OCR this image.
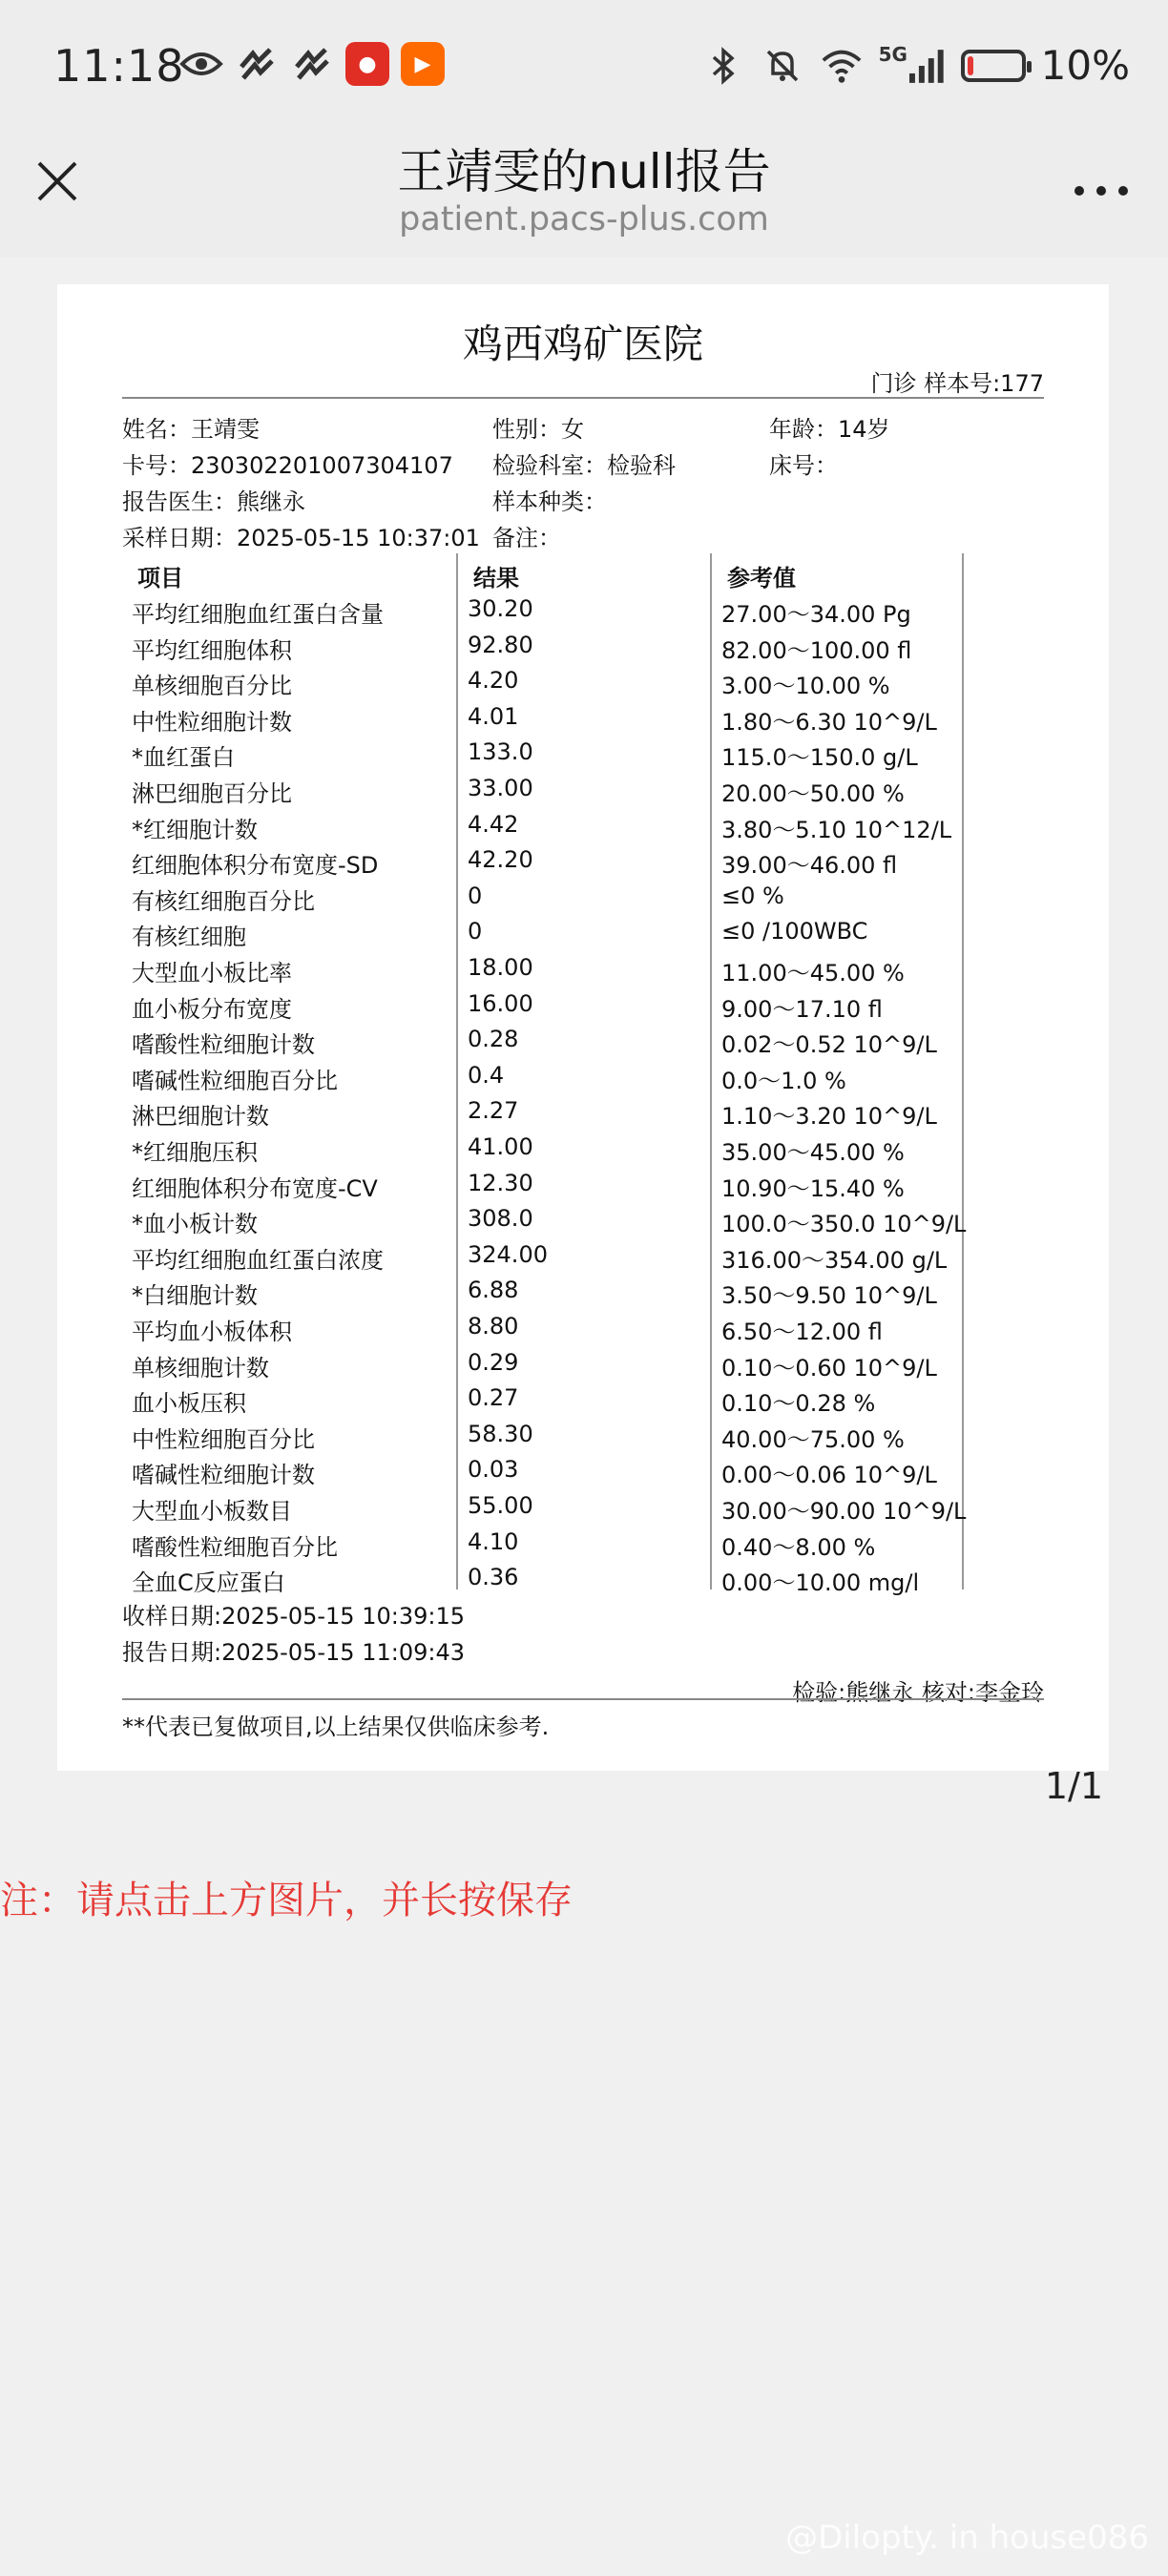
11:18	●	▶	5G	10%
王靖雯的null报告
patient.pacs-plus.com
鸡西鸡矿医院
门诊 样本号:177
姓名：王靖雯	性别：女	年龄：14岁
卡号：230302201007304107 检验科室：检验科	床号：
报告医生：熊继永	样本种类：
采样日期：2025-05-15 10:37:01 备注：
项目	结果	参考值
平均红细胞血红蛋白含量	30.20	27.00～34.00 Pg
平均红细胞体积	92.80	82.00～100.00 fl
单核细胞百分比	4.20	3.00～10.00 %
中性粒细胞计数	4.01	1.80～6.30 10^9/L
*血红蛋白	133.0	115.0～150.0 g/L
淋巴细胞百分比	33.00	20.00～50.00 %
*红细胞计数	4.42	3.80～5.10 10^12/L
红细胞体积分布宽度-SD	42.20	39.00～46.00 fl
有核红细胞百分比	0	≤0 %
有核红细胞	0	≤0 /100WBC
大型血小板比率	18.00	11.00～45.00 %
血小板分布宽度	16.00	9.00～17.10 fl
嗜酸性粒细胞计数	0.28	0.02～0.52 10^9/L
嗜碱性粒细胞百分比	0.4	0.0～1.0 %
淋巴细胞计数	2.27	1.10～3.20 10^9/L
*红细胞压积	41.00	35.00～45.00 %
红细胞体积分布宽度-CV	12.30	10.90～15.40 %
*血小板计数	308.0	100.0～350.0 10^9/L
平均红细胞血红蛋白浓度	324.00	316.00～354.00 g/L
*白细胞计数	6.88	3.50～9.50 10^9/L
平均血小板体积	8.80	6.50～12.00 fl
单核细胞计数	0.29	0.10～0.60 10^9/L
血小板压积	0.27	0.10～0.28 %
中性粒细胞百分比	58.30	40.00～75.00 %
嗜碱性粒细胞计数	0.03	0.00～0.06 10^9/L
大型血小板数目	55.00	30.00～90.00 10^9/L
嗜酸性粒细胞百分比	4.10	0.40～8.00 %
全血C反应蛋白	0.36	0.00～10.00 mg/l
收样日期:2025-05-15 10:39:15
报告日期:2025-05-15 11:09:43
检验:熊继永 核对:李金玲
**代表已复做项目,以上结果仅供临床参考.
1/1
注：请点击上方图片，并长按保存
@Dilopty. in house086
